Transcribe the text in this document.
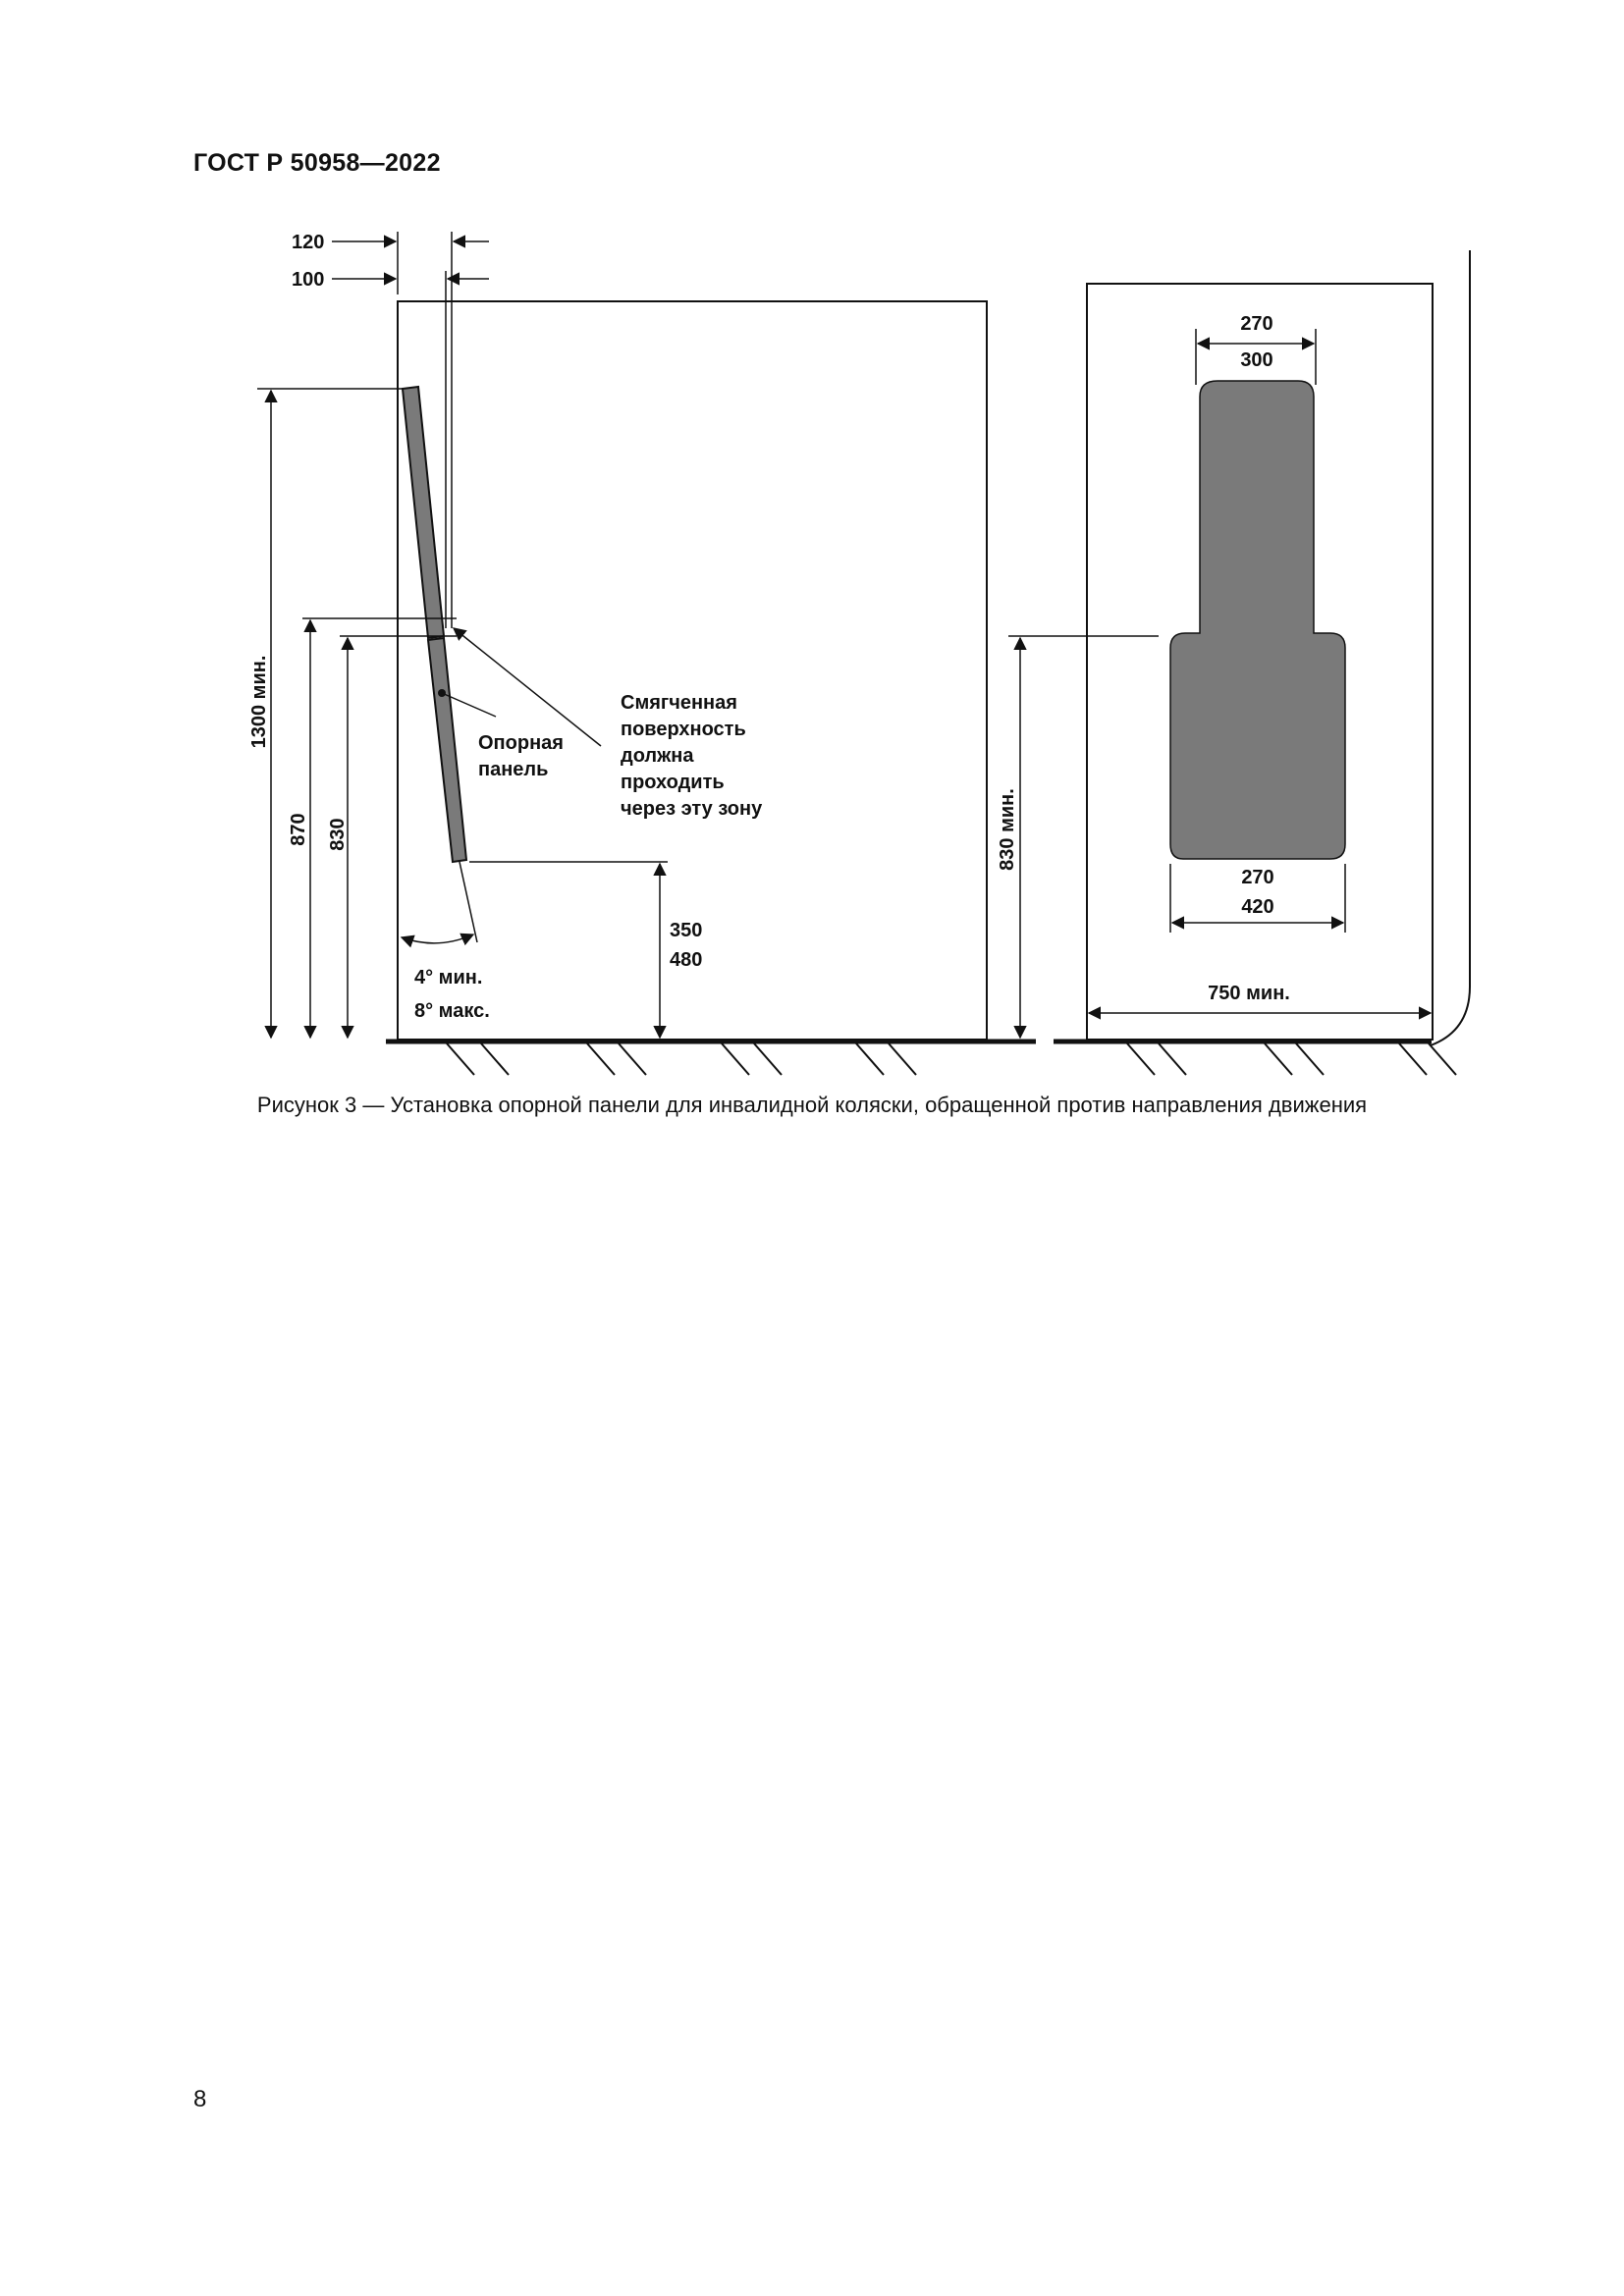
ГОСТ Р 50958—2022
120
100
1300 мин.
870 830
350
480
4° мин.
8° макс.
Опорная
панель
Смягченная
поверхность
должна
проходить
через эту зону
270
300
270
420
750 мин.
830 мин.
Рисунок 3 — Установка опорной панели для инвалидной коляски, обращенной против направления движения
8
